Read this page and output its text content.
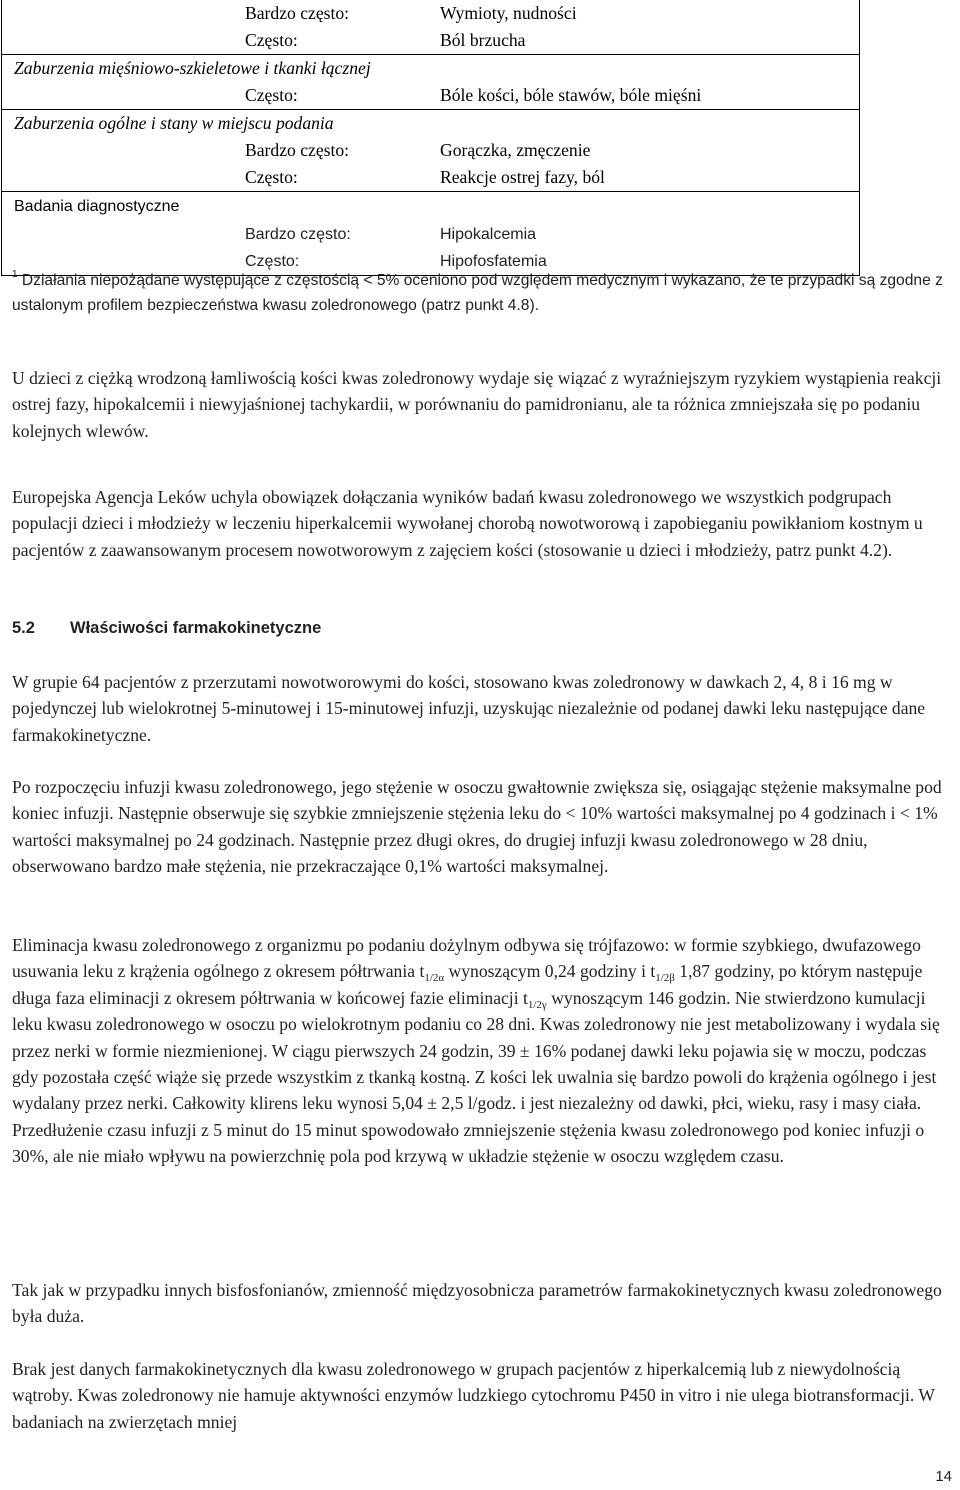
Bardzo często:	Wymioty, nudności
Często:	Ból brzucha
Zaburzenia mięśniowo-szkieletowe i tkanki łącznej
Często:	Bóle kości, bóle stawów, bóle mięśni
Zaburzenia ogólne i stany w miejscu podania
Bardzo często:	Gorączka, zmęczenie
Często:	Reakcje ostrej fazy, ból
Badania diagnostyczne
Bardzo często:	Hipokalcemia
Często:	Hipofosfatemia
$^1$ Działania niepożądane występujące z częstością < 5% oceniono pod względem medycznym i wykazano, że te przypadki są zgodne z ustalonym profilem bezpieczeństwa kwasu zoledronowego (patrz punkt 4.8).

U dzieci z ciężką wrodzoną łamliwością kości kwas zoledronowy wydaje się wiązać z wyraźniejszym ryzykiem wystąpienia reakcji ostrej fazy, hipokalcemii i niewyjaśnionej tachykardii, w porównaniu do pamidronianu, ale ta różnica zmniejszała się po podaniu kolejnych wlewów.

Europejska Agencja Leków uchyla obowiązek dołączania wyników badań kwasu zoledronowego we wszystkich podgrupach populacji dzieci i młodzieży w leczeniu hiperkalcemii wywołanej chorobą nowotworową i zapobieganiu powikłaniom kostnym u pacjentów z zaawansowanym procesem nowotworowym z zajęciem kości (stosowanie u dzieci i młodzieży, patrz punkt 4.2).

5.2 Właściwości farmakokinetyczne

W grupie 64 pacjentów z przerzutami nowotworowymi do kości, stosowano kwas zoledronowy w dawkach 2, 4, 8 i 16 mg w pojedynczej lub wielokrotnej 5-minutowej i 15-minutowej infuzji, uzyskując niezależnie od podanej dawki leku następujące dane farmakokinetyczne.

Po rozpoczęciu infuzji kwasu zoledronowego, jego stężenie w osoczu gwałtownie zwiększa się, osiągając stężenie maksymalne pod koniec infuzji. Następnie obserwuje się szybkie zmniejszenie stężenia leku do < 10% wartości maksymalnej po 4 godzinach i < 1% wartości maksymalnej po 24 godzinach. Następnie przez długi okres, do drugiej infuzji kwasu zoledronowego w 28 dniu, obserwowano bardzo małe stężenia, nie przekraczające 0,1% wartości maksymalnej.

Eliminacja kwasu zoledronowego z organizmu po podaniu dożylnym odbywa się trójfazowo: w formie szybkiego, dwufazowego usuwania leku z krążenia ogólnego z okresem półtrwania $t_{1/2\alpha}$ wynoszącym 0,24 godziny i $t_{1/2\beta}$ 1,87 godziny, po którym następuje długa faza eliminacji z okresem półtrwania w końcowej fazie eliminacji $t_{1/2\gamma}$ wynoszącym 146 godzin. Nie stwierdzono kumulacji leku kwasu zoledronowego w osoczu po wielokrotnym podaniu co 28 dni. Kwas zoledronowy nie jest metabolizowany i wydala się przez nerki w formie niezmienionej. W ciągu pierwszych 24 godzin, 39 ± 16% podanej dawki leku pojawia się w moczu, podczas gdy pozostała część wiąże się przede wszystkim z tkanką kostną. Z kości lek uwalnia się bardzo powoli do krążenia ogólnego i jest wydalany przez nerki. Całkowity klirens leku wynosi 5,04 ± 2,5 l/godz. i jest niezależny od dawki, płci, wieku, rasy i masy ciała. Przedłużenie czasu infuzji z 5 minut do 15 minut spowodowało zmniejszenie stężenia kwasu zoledronowego pod koniec infuzji o 30%, ale nie miało wpływu na powierzchnię pola pod krzywą w układzie stężenie w osoczu względem czasu.

Tak jak w przypadku innych bisfosfonianów, zmienność międzyosobnicza parametrów farmakokinetycznych kwasu zoledronowego była duża.

Brak jest danych farmakokinetycznych dla kwasu zoledronowego w grupach pacjentów z hiperkalcemią lub z niewydolnością wątroby. Kwas zoledronowy nie hamuje aktywności enzymów ludzkiego cytochromu P450 in vitro i nie ulega biotransformacji. W badaniach na zwierzętach mniej

14
